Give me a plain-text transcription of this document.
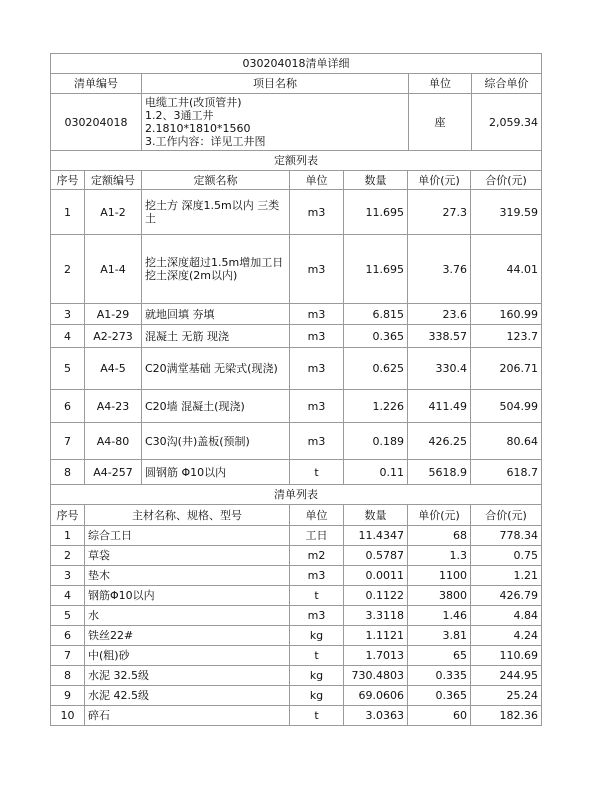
030204018清单详细			
清单编号	项目名称	单位	综合单价
030204018	电缆工井(改顶管井)
1.2、3通工井
2.1810*1810*1560
3.工作内容：详见工井图	座	2,059.34
定额列表						
序号	定额编号	定额名称	单位	数量	单价(元)	合价(元)
1	A1-2	挖土方 深度1.5m以内 三类土	m3	11.695	27.3	319.59
2	A1-4	挖土深度超过1.5m增加工日 挖土深度(2m以内)	m3	11.695	3.76	44.01
3	A1-29	就地回填 夯填	m3	6.815	23.6	160.99
4	A2-273	混凝土 无筋 现浇	m3	0.365	338.57	123.7
5	A4-5	C20满堂基础 无梁式(现浇)	m3	0.625	330.4	206.71
6	A4-23	C20墙 混凝土(现浇)	m3	1.226	411.49	504.99
7	A4-80	C30沟(井)盖板(预制)	m3	0.189	426.25	80.64
8	A4-257	圆钢筋 Φ10以内	t	0.11	5618.9	618.7
清单列表					
序号	主材名称、规格、型号	单位	数量	单价(元)	合价(元)
1	综合工日	工日	11.4347	68	778.34
2	草袋	m2	0.5787	1.3	0.75
3	垫木	m3	0.0011	1100	1.21
4	钢筋Φ10以内	t	0.1122	3800	426.79
5	水	m3	3.3118	1.46	4.84
6	铁丝22#	kg	1.1121	3.81	4.24
7	中(粗)砂	t	1.7013	65	110.69
8	水泥 32.5级	kg	730.4803	0.335	244.95
9	水泥 42.5级	kg	69.0606	0.365	25.24
10	碎石	t	3.0363	60	182.36
